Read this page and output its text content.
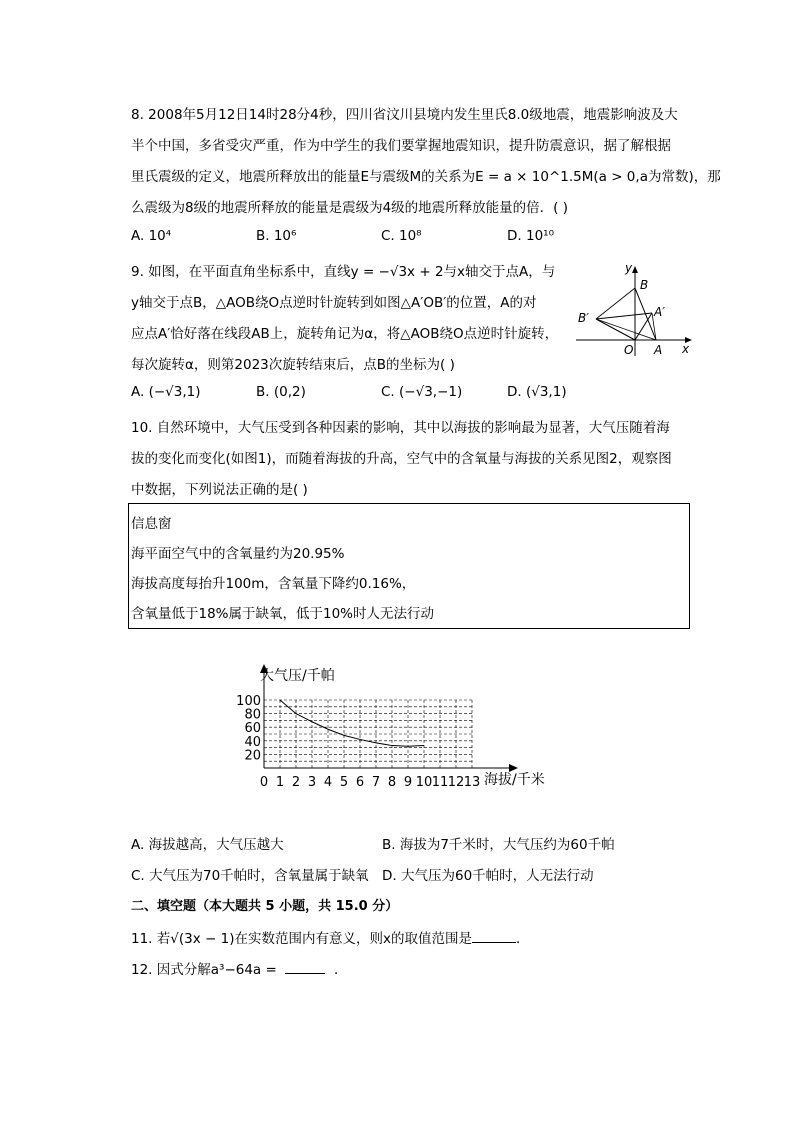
8. 2008年5月12日14时28分4秒，四川省汶川县境内发生里氏8.0级地震，地震影响波及大
半个中国，多省受灾严重，作为中学生的我们要掌握地震知识，提升防震意识，据了解根据
里氏震级的定义，地震所释放出的能量E与震级M的关系为E = a × 10^1.5M(a > 0,a为常数)，那
么震级为8级的地震所释放的能量是震级为4级的地震所释放能量的倍．( )
A. 10⁴	B. 10⁶	C. 10⁸	D. 10¹⁰
9. 如图，在平面直角坐标系中，直线y = −√3x + 2与x轴交于点A，与
y轴交于点B，△AOB绕O点逆时针旋转到如图△A′OB′的位置，A的对
应点A′恰好落在线段AB上，旋转角记为α，将△AOB绕O点逆时针旋转，
每次旋转α，则第2023次旋转结束后，点B的坐标为( )
A. (−√3,1)	B. (0,2)	C. (−√3,−1)	D. (√3,1)
y
x
B
B′	A′
O A
10. 自然环境中，大气压受到各种因素的影响，其中以海拔的影响最为显著，大气压随着海
拔的变化而变化(如图1)，而随着海拔的升高，空气中的含氧量与海拔的关系见图2，观察图
中数据，下列说法正确的是( )
信息窗
海平面空气中的含氧量约为20.95%
海拔高度每抬升100m，含氧量下降约0.16%，
含氧量低于18%属于缺氧，低于10%时人无法行动
大气压/千帕
海拔/千米
20
40
60
80
100
0 1 2 3 4 5 6 7 8 9 10 11 12 13
A. 海拔越高，大气压越大	B. 海拔为7千米时，大气压约为60千帕
C. 大气压为70千帕时，含氧量属于缺氧 D. 大气压为60千帕时，人无法行动
二、填空题（本大题共 5 小题，共 15.0 分）
11. 若√(3x − 1)在实数范围内有意义，则x的取值范围是	．
12. 因式分解a³−64a =	．
